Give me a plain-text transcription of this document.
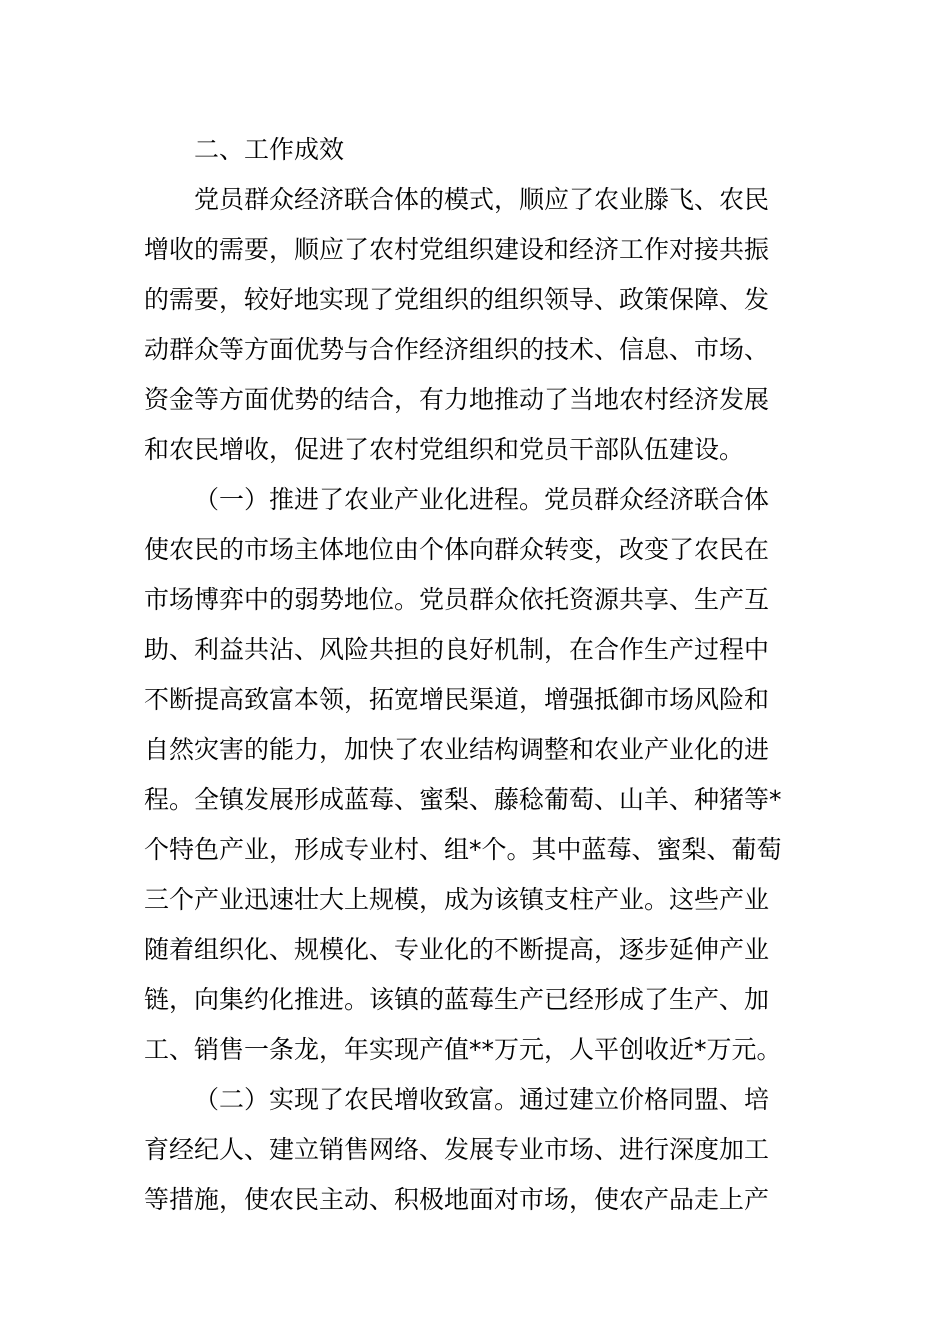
二、工作成效

党员群众经济联合体的模式，顺应了农业滕飞、农民
增收的需要，顺应了农村党组织建设和经济工作对接共振
的需要，较好地实现了党组织的组织领导、政策保障、发
动群众等方面优势与合作经济组织的技术、信息、市场、
资金等方面优势的结合，有力地推动了当地农村经济发展
和农民增收，促进了农村党组织和党员干部队伍建设。

（一）推进了农业产业化进程。党员群众经济联合体
使农民的市场主体地位由个体向群众转变，改变了农民在
市场博弈中的弱势地位。党员群众依托资源共享、生产互
助、利益共沾、风险共担的良好机制，在合作生产过程中
不断提高致富本领，拓宽增民渠道，增强抵御市场风险和
自然灾害的能力，加快了农业结构调整和农业产业化的进
程。全镇发展形成蓝莓、蜜梨、藤稔葡萄、山羊、种猪等*
个特色产业，形成专业村、组*个。其中蓝莓、蜜梨、葡萄
三个产业迅速壮大上规模，成为该镇支柱产业。这些产业
随着组织化、规模化、专业化的不断提高，逐步延伸产业
链，向集约化推进。该镇的蓝莓生产已经形成了生产、加
工、销售一条龙，年实现产值**万元，人平创收近*万元。

（二）实现了农民增收致富。通过建立价格同盟、培
育经纪人、建立销售网络、发展专业市场、进行深度加工
等措施，使农民主动、积极地面对市场，使农产品走上产
